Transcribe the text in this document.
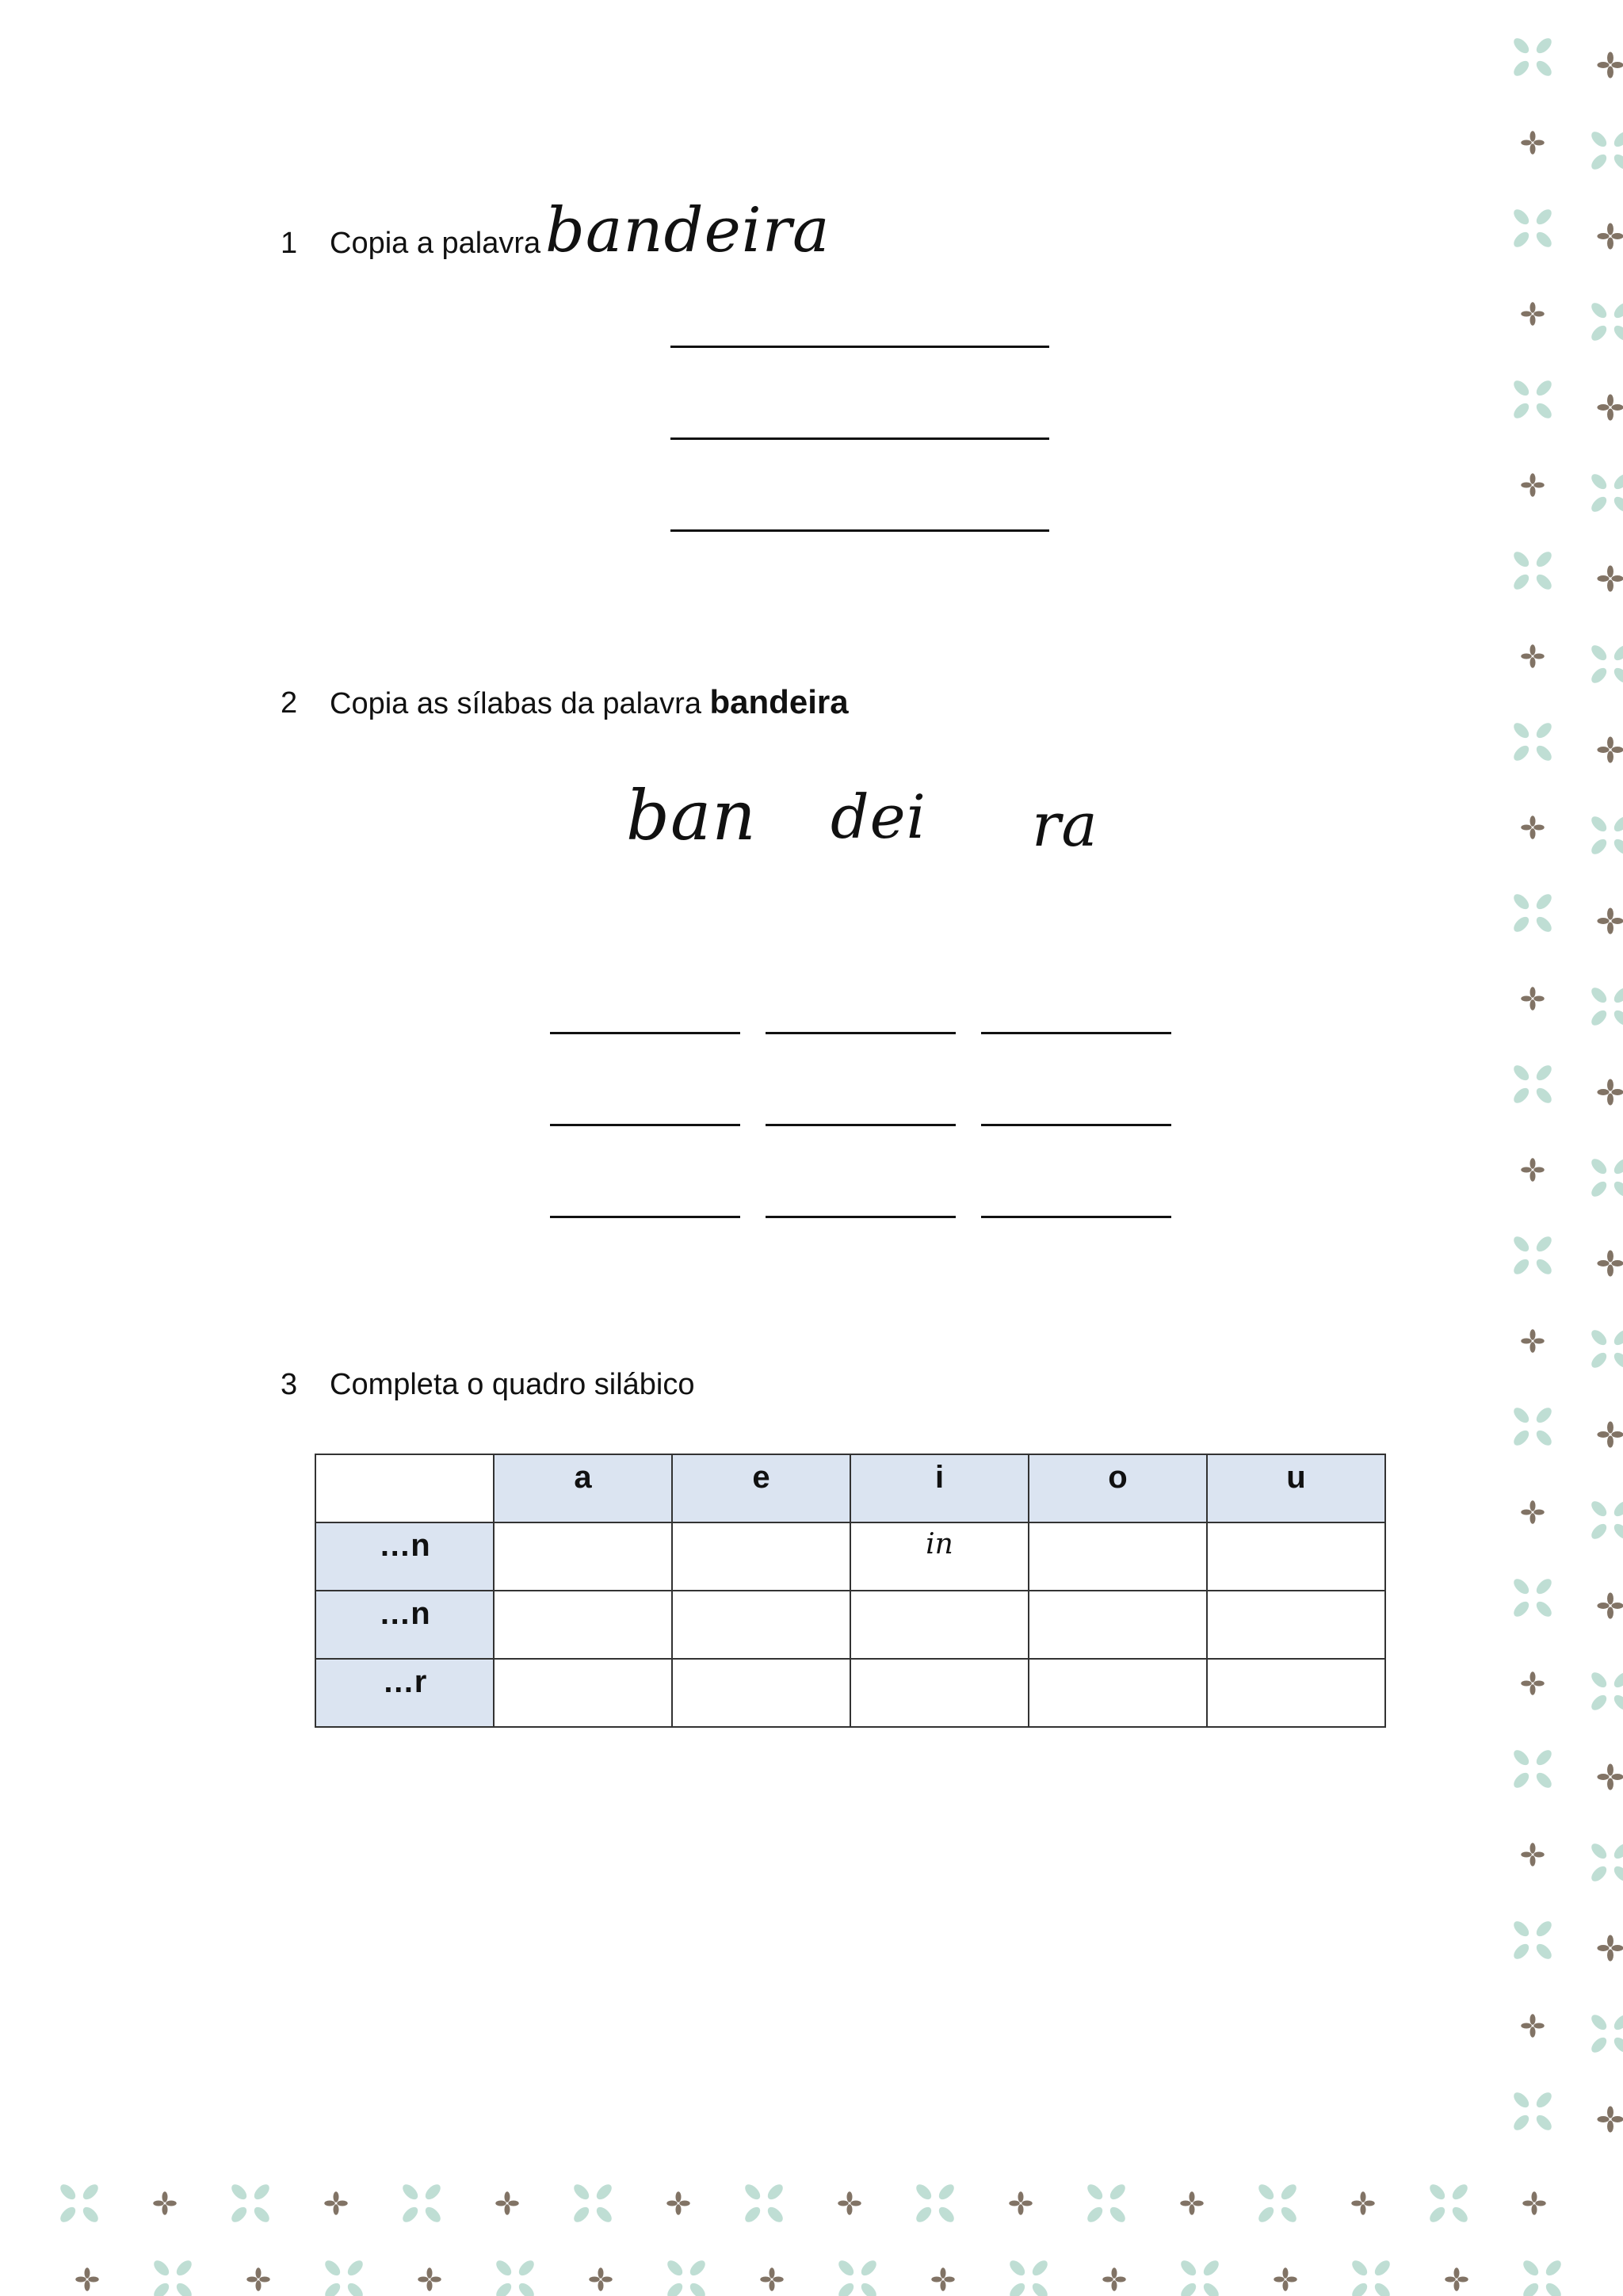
1 Copia a palavra bandeira
2 Copia as sílabas da palavra bandeira
ban dei ra
3 Completa o quadro silábico
	a	e	i	o	u
…n			in		
…n					
…r					
